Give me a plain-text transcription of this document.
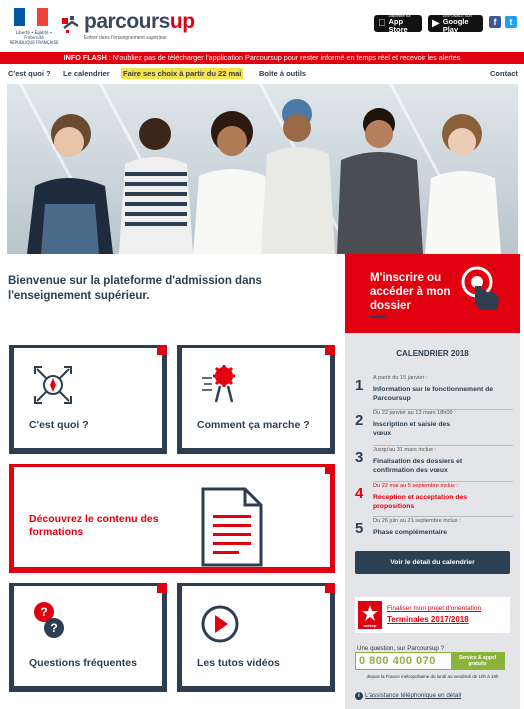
Liberté • Égalité • Fraternité
RÉPUBLIQUE FRANÇAISE
parcoursup
Entrer dans l'enseignement supérieur
Disponible sur
App Store ▶
DISPONIBLE SUR
Google Play
f	t
INFO FLASH : N'oubliez pas de télécharger l'application Parcoursup pour rester informé en temps réel et recevoir les alertes
C'est quoi ? Le calendrier Faire ses choix à partir du 22 mai Boîte à outils	Contact
Bienvenue sur la plateforme d'admission dans l'enseignement supérieur.
M'inscrire ou accéder à mon dossier
C'est quoi ?	Comment ça marche ?
Découvrez le contenu des formations
?
?
Questions fréquentes	Les tutos vidéos
CALENDRIER 2018
1 A partir du 15 janvier :
Information sur le fonctionnement de Parcoursup
2 Du 22 janvier au 13 mars 18h00 :
Inscription et saisie des vœux
3 Jusqu'au 31 mars inclus :
Finalisation des dossiers et confirmation des vœux
4 Du 22 mai au 5 septembre inclus :
Réception et acceptation des propositions
5 Du 26 juin au 21 septembre inclus :
Phase complémentaire
Voir le détail du calendrier
onisep
Finaliser mon projet d'orientation
Terminales 2017/2018
Une question, sur Parcoursup ?
0 800 400 070	Service & appel gratuits
depuis la France métropolitaine du lundi au vendredi de 10h à 18h
i L'assistance téléphonique en détail
